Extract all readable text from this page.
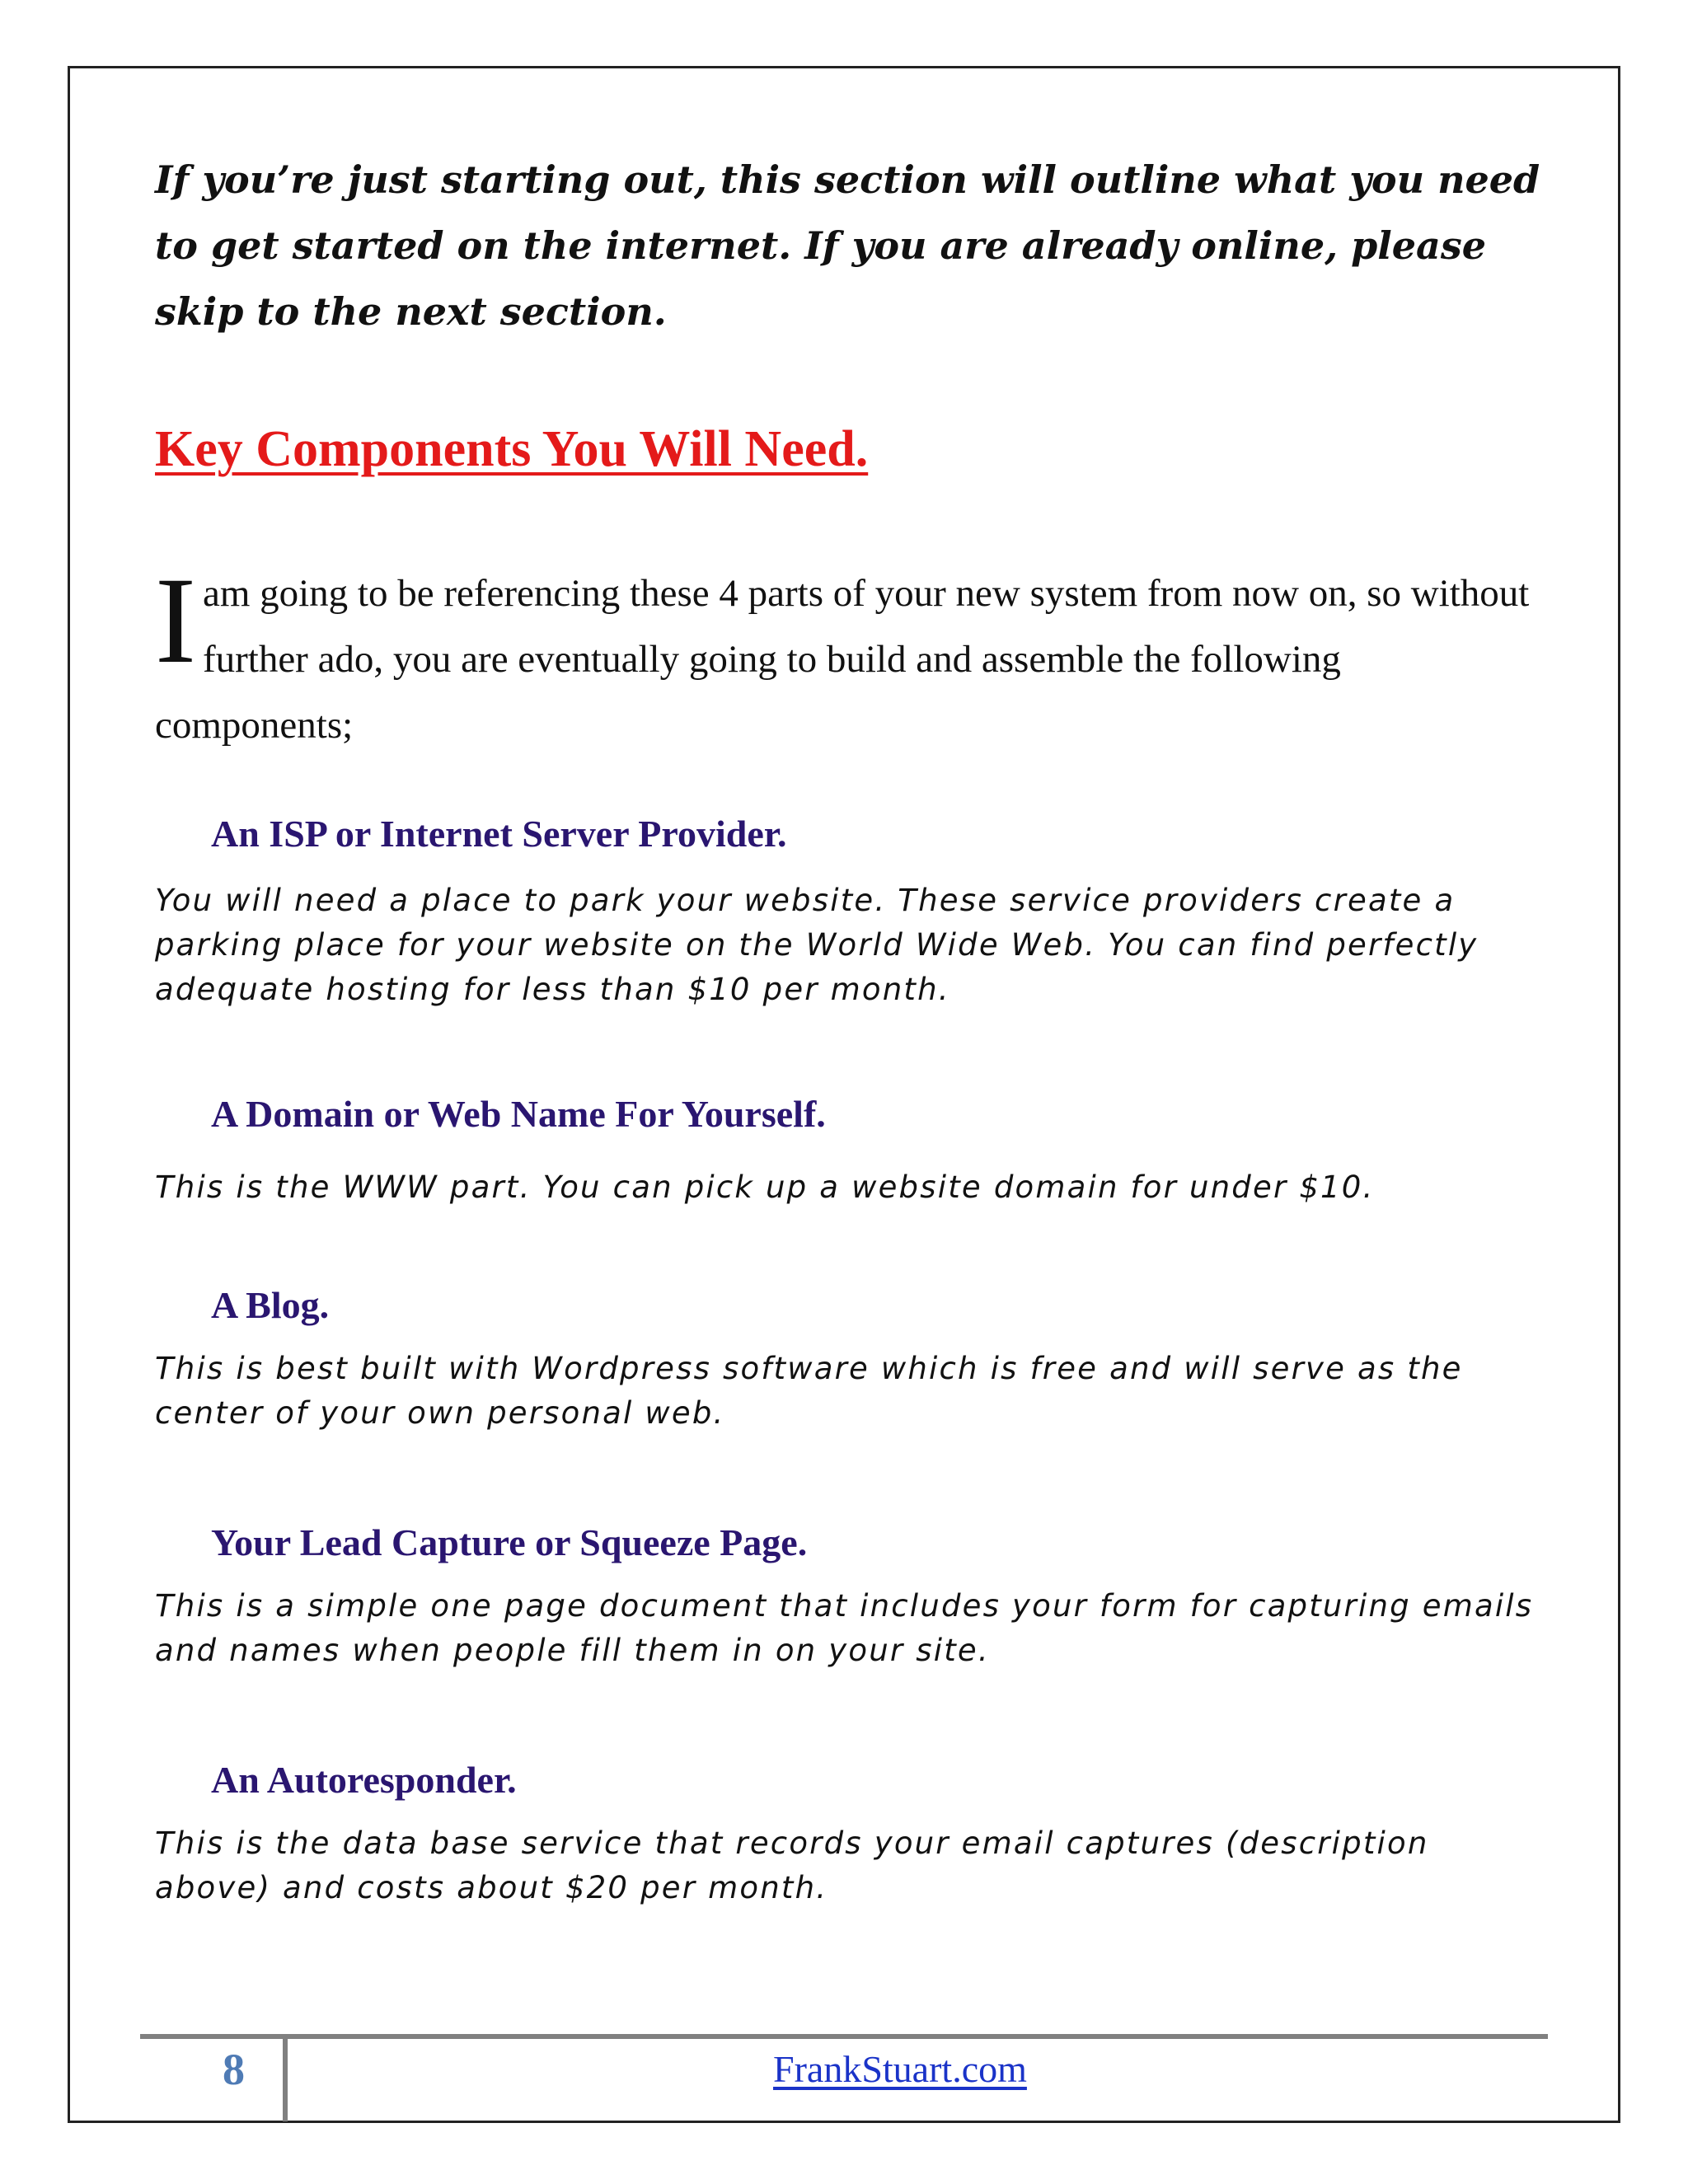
If you’re just starting out, this section will outline what you need to get started on the internet. If you are already online, please skip to the next section.

Key Components You Will Need.

I am going to be referencing these 4 parts of your new system from now on, so without further ado, you are eventually going to build and assemble the following components;

An ISP or Internet Server Provider.

You will need a place to park your website. These service providers create a parking place for your website on the World Wide Web. You can find perfectly adequate hosting for less than $10 per month.

A Domain or Web Name For Yourself.

This is the WWW part. You can pick up a website domain for under $10.

A Blog.

This is best built with Wordpress software which is free and will serve as the center of your own personal web.

Your Lead Capture or Squeeze Page.

This is a simple one page document that includes your form for capturing emails and names when people fill them in on your site.

An Autoresponder.

This is the data base service that records your email captures (description above) and costs about $20 per month.

8	FrankStuart.com
